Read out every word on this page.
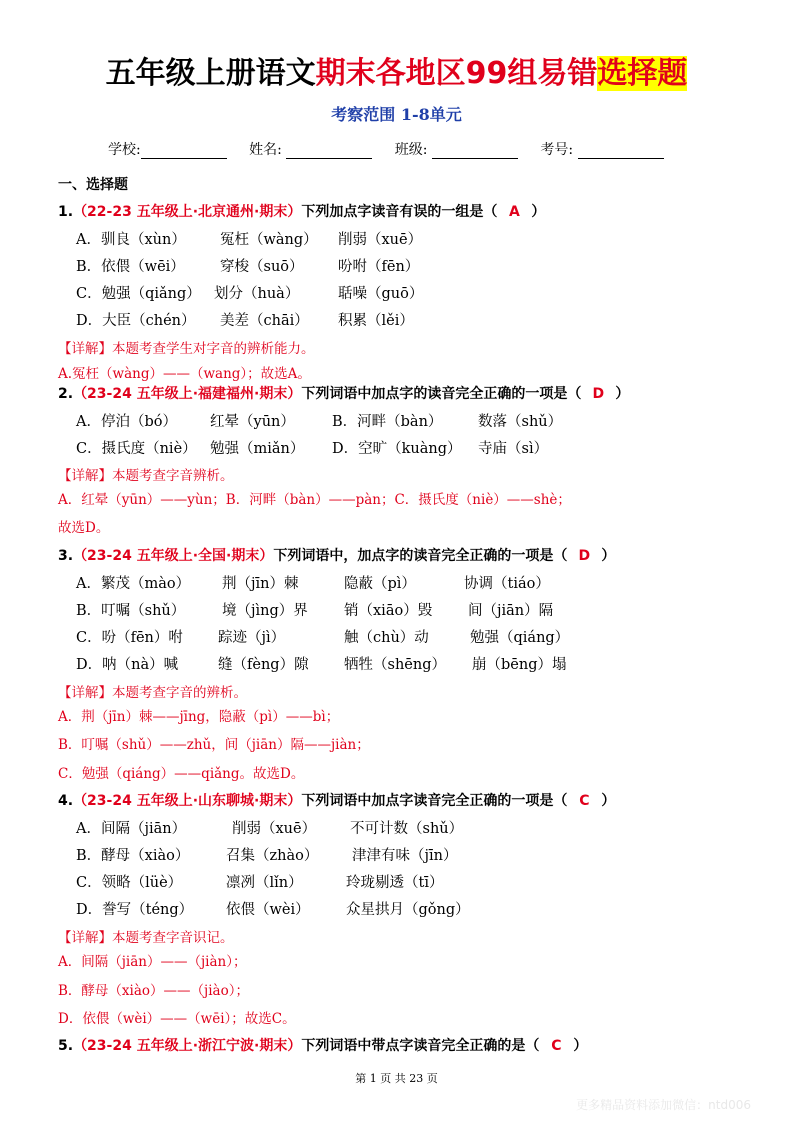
五年级上册语文期末各地区99组易错选择题
考察范围 1-8单元
学校:	姓名:	班级:	考号:
一、选择题
1.（22-23 五年级上·北京通州·期末）下列加点字读音有误的一组是（ A ）
A．驯良（xùn） 冤枉（wàng） 削弱（xuē）
B．依偎（wēi） 穿梭（suō） 吩咐（fēn）
C．勉强（qiǎng） 划分（huà）	聒噪（guō）
D．大臣（chén） 美差（chāi） 积累（lěi）
【详解】本题考查学生对字音的辨析能力。
A.冤枉（wàng）——（wang）；故选A。
2.（23-24 五年级上·福建福州·期末）下列词语中加点字的读音完全正确的一项是（ D ）
A．停泊（bó） 红晕（yūn）	B．河畔（bàn） 数落（shǔ）
C．摄氏度（niè） 勉强（miǎn） D．空旷（kuàng） 寺庙（sì）
【详解】本题考查字音辨析。
A．红晕（yūn）——yùn；B．河畔（bàn）——pàn；C．摄氏度（niè）——shè；
故选D。
3.（23-24 五年级上·全国·期末）下列词语中，加点字的读音完全正确的一项是（ D ）
A．繁茂（mào） 荆（jīn）棘	隐蔽（pì）	协调（tiáo）
B．叮嘱（shǔ）	境（jìng）界 销（xiāo）毁 间（jiān）隔
C．吩（fēn）咐 踪迹（jì）	触（chù）动	勉强（qiáng）
D．呐（nà）喊	缝（fèng）隙 牺牲（shēng） 崩（bēng）塌
【详解】本题考查字音的辨析。
A．荆（jīn）棘——jīng，隐蔽（pì）——bì；
B．叮嘱（shǔ）——zhǔ，间（jiān）隔——jiàn；
C．勉强（qiáng）——qiǎng。故选D。
4.（23-24 五年级上·山东聊城·期末）下列词语中加点字读音完全正确的一项是（ C ）
A．间隔（jiān）	削弱（xuē） 不可计数（shǔ）
B．酵母（xiào）	召集（zhào） 津津有味（jīn）
C．领略（lüè）	凛冽（lǐn）	玲珑剔透（tī）
D．誊写（téng） 依偎（wèi）	众星拱月（gǒng）
【详解】本题考查字音识记。
A．间隔（jiān）——（jiàn）；
B．酵母（xiào）——（jiào）；
D．依偎（wèi）——（wēi）；故选C。
5.（23-24 五年级上·浙江宁波·期末）下列词语中带点字读音完全正确的是（ C ）
第 1 页 共 23 页
更多精品资料添加微信：ntd006
